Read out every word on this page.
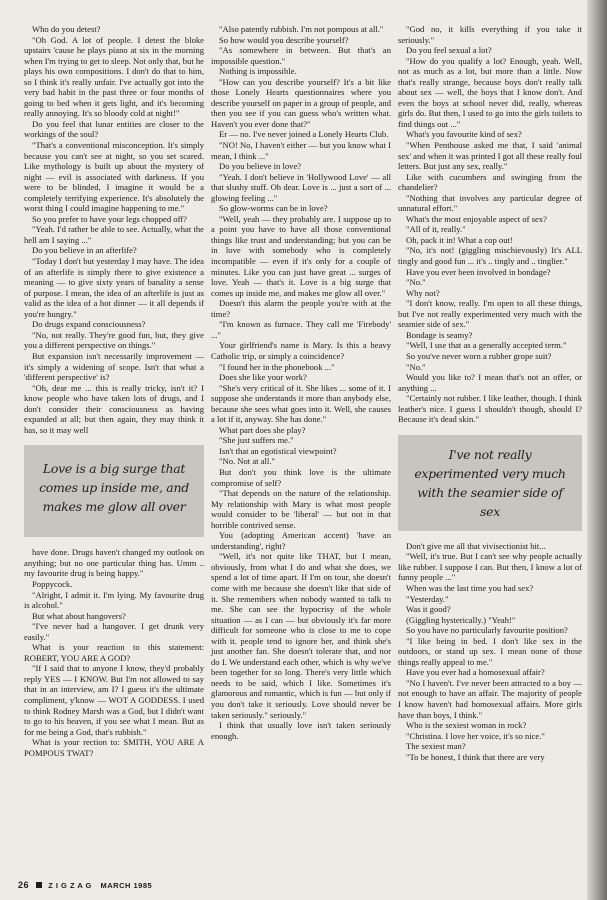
Who do you detest?

"Oh God. A lot of people. I detest the bloke upstairs 'cause he plays piano at six in the morning when I'm trying to get to sleep. Not only that, but he plays his own compositions. I don't do that to him, so I think it's really unfair. I've actually got into the very bad habit in the past three or four months of going to bed when it gets light, and it's becoming really annoying. It's so bloody cold at night!"

Do you feel that lunar entities are closer to the workings of the soul?

"That's a conventional misconception. It's simply because you can't see at night, so you set scared. Like mythology is built up about the mystery of night — evil is associated with darkness. If you were to be blinded, I imagine it would be a completely terrifying experience. It's absolutely the worst thing I could imagine happening to me."

So you prefer to have your legs chopped off?

"Yeah. I'd rather be able to see. Actually, what the hell am I saying ..."

Do you believe in an afterlife?

"Today I don't but yesterday I may have. The idea of an afterlife is simply there to give existence a meaning — to give sixty years of banality a sense of purpose. I mean, the idea of an afterlife is just as valid as the idea of a hot dinner — it all depends if you're hungry."

Do drugs expand consciousness?

"No, not really. They're good fun, but, they give you a different perspective on things."

But expansion isn't necessarily improvement — it's simply a widening of scope. Isn't that what a 'different perspective' is?

"Oh, dear me ... this is really tricky, isn't it? I know people who have taken lots of drugs, and I don't consider their consciousness as having expanded at all; but then again, they may think it has, so it may well

Love is a big surge that comes up inside me, and makes me glow all over

have done. Drugs haven't changed my outlook on anything; but no one particular thing has. Umm .. my favourite drug is being happy."

Poppycock.

"Alright, I admit it. I'm lying. My favourite drug is alcohol."

But what about hangovers?

"I've never had a hangover. I get drunk very easily."

What is your reaction to this statement: ROBERT, YOU ARE A GOD?

"If I said that to anyone I know, they'd probably reply YES — I KNOW. But I'm not allowed to say that in an interview, am I? I guess it's the ultimate compliment, y'know — WOT A GODDESS. I used to think Rodney Marsh was a God, but I didn't want to go to his heaven, if you see what I mean. But as for me being a God, that's rubbish."

What is your rection to: SMITH, YOU ARE A POMPOUS TWAT?

"Also patently rubbish. I'm not pompous at all."

So how would you describe yourself?

"As somewhere in between. But that's an impossible question."

Nothing is impossible.

"How can you describe yourself? It's a bit like those Lonely Hearts questionnaires where you describe yourself on paper in a group of people, and then you see if you can guess who's written what. Haven't you ever done that?"

Er — no. I've never joined a Lonely Hearts Club.

"NO! No, I haven't either — but you know what I mean, I think ..."

Do you believe in love?

"Yeah. I don't believe in 'Hollywood Love' — all that slushy stuff. Oh dear. Love is ... just a sort of ... glowing feeling ..."

So glow-worms can be in love?

"Well, yeah — they probably are. I suppose up to a point you have to have all those conventional things like trust and understanding; but you can be in love with somebody who is completely incompatible — even if it's only for a couple of minutes. Like you can just have great ... surges of love. Yeah — that's it. Love is a big surge that comes up inside me, and makes me glow all over."

Doesn't this alarm the people you're with at the time?

"I'm known as furnace. They call me 'Firebody' ..."

Your girlfriend's name is Mary. Is this a heavy Catholic trip, or simply a coincidence?

"I found her in the phonebook ..."

Does she like your work?

"She's very critical of it. She likes ... some of it. I suppose she understands it more than anybody else, because she sees what goes into it. Well, she causes a lot if it, anyway. She has done."

What part does she play?

"She just suffers me."

Isn't that an egotistical viewpoint?

"No. Not at all."

But don't you think love is the ultimate compromise of self?

"That depends on the nature of the relationship. My relationship with Mary is what most people would consider to be 'liberal' — but not in that horrible contrived sense.

You (adopting American accent) 'have an understanding', right?

"Well, it's not quite like THAT, but I mean, obviously, from what I do and what she does, we spend a lot of time apart. If I'm on tour, she doesn't come with me because she doesn't like that side of it. She remembers when nobody wanted to talk to me. She can see the hypocrisy of the whole situation — as I can — but obviously it's far more difficult for someone who is close to me to cope with it. people tend to ignore her, and think she's just another fan. She doesn't tolerate that, and nor do I. We understand each other, which is why we've been together for so long. There's very little which needs to be said, which I like. Sometimes it's glamorous and romantic, which is fun — but only if you don't take it seriously. Love should never be taken seriously." seriously."

I think that usually love isn't taken seriously enough.

"God no, it kills everything if you take it seriously."

Do you feel sexual a lot?

"How do you qualify a lot? Enough, yeah. Well, not as much as a lot, but more than a little. Now that's really strange, because boys don't really talk about sex — well, the boys that I know don't. And even the boys at school never did, really, whereas girls do. But then, I used to go into the girls toilets to find things out ..."

What's you favourite kind of sex?

"When Penthouse asked me that, I said 'animal sex' and when it was printed I got all these really foul letters. But just any sex, really."

Like with cucumbers and swinging from the chandelier?

"Nothing that involves any particular degree of unnatural effort."

What's the most enjoyable aspect of sex?

"All of it, really."

Oh, pack it in! What a cop out!

"No, it's not! (giggling mischievously) It's ALL tingly and good fun ... it's .. tingly and .. tinglier."

Have you ever been involved in bondage?

"No."

Why not?

"I don't know, really. I'm open to all these things, but I've not really experimented very much with the seamier side of sex."

Bondage is seamy?

"Well, I use that as a generally accepted term."

So you've never worn a rubber grope suit?

"No."

Would you like to? I mean that's not an offer, or anything ...

"Certainly not rubber. I like leather, though. I think leather's nice. I guess I shouldn't though, should I? Because it's dead skin."

I've not really experimented very much with the seamier side of sex

Don't give me all that vivisectionist bit...

"Well, it's true. But I can't see why people actually like rubber. I suppose I can. But then, I know a lot of funny people ..."

When was the last time you had sex?

"Yesterday."

Was it good?

(Giggling hysterically.) "Yeah!"

So you have no particularly favourite position?

"I like being in bed. I don't like sex in the outdoors, or stand up sex. I mean none of those things really appeal to me."

Have you ever had a homosexual affair?

"No I haven't. I've never been attracted to a boy — not enough to have an affair. The majority of people I know haven't had homosexual affairs. More girls have than boys, I think."

Who is the sexiest woman in rock?

"Christina. I love her voice, it's so nice."

The sexiest man?

"To be honest, I think that there are very

26	Z I G Z A G MARCH 1985
